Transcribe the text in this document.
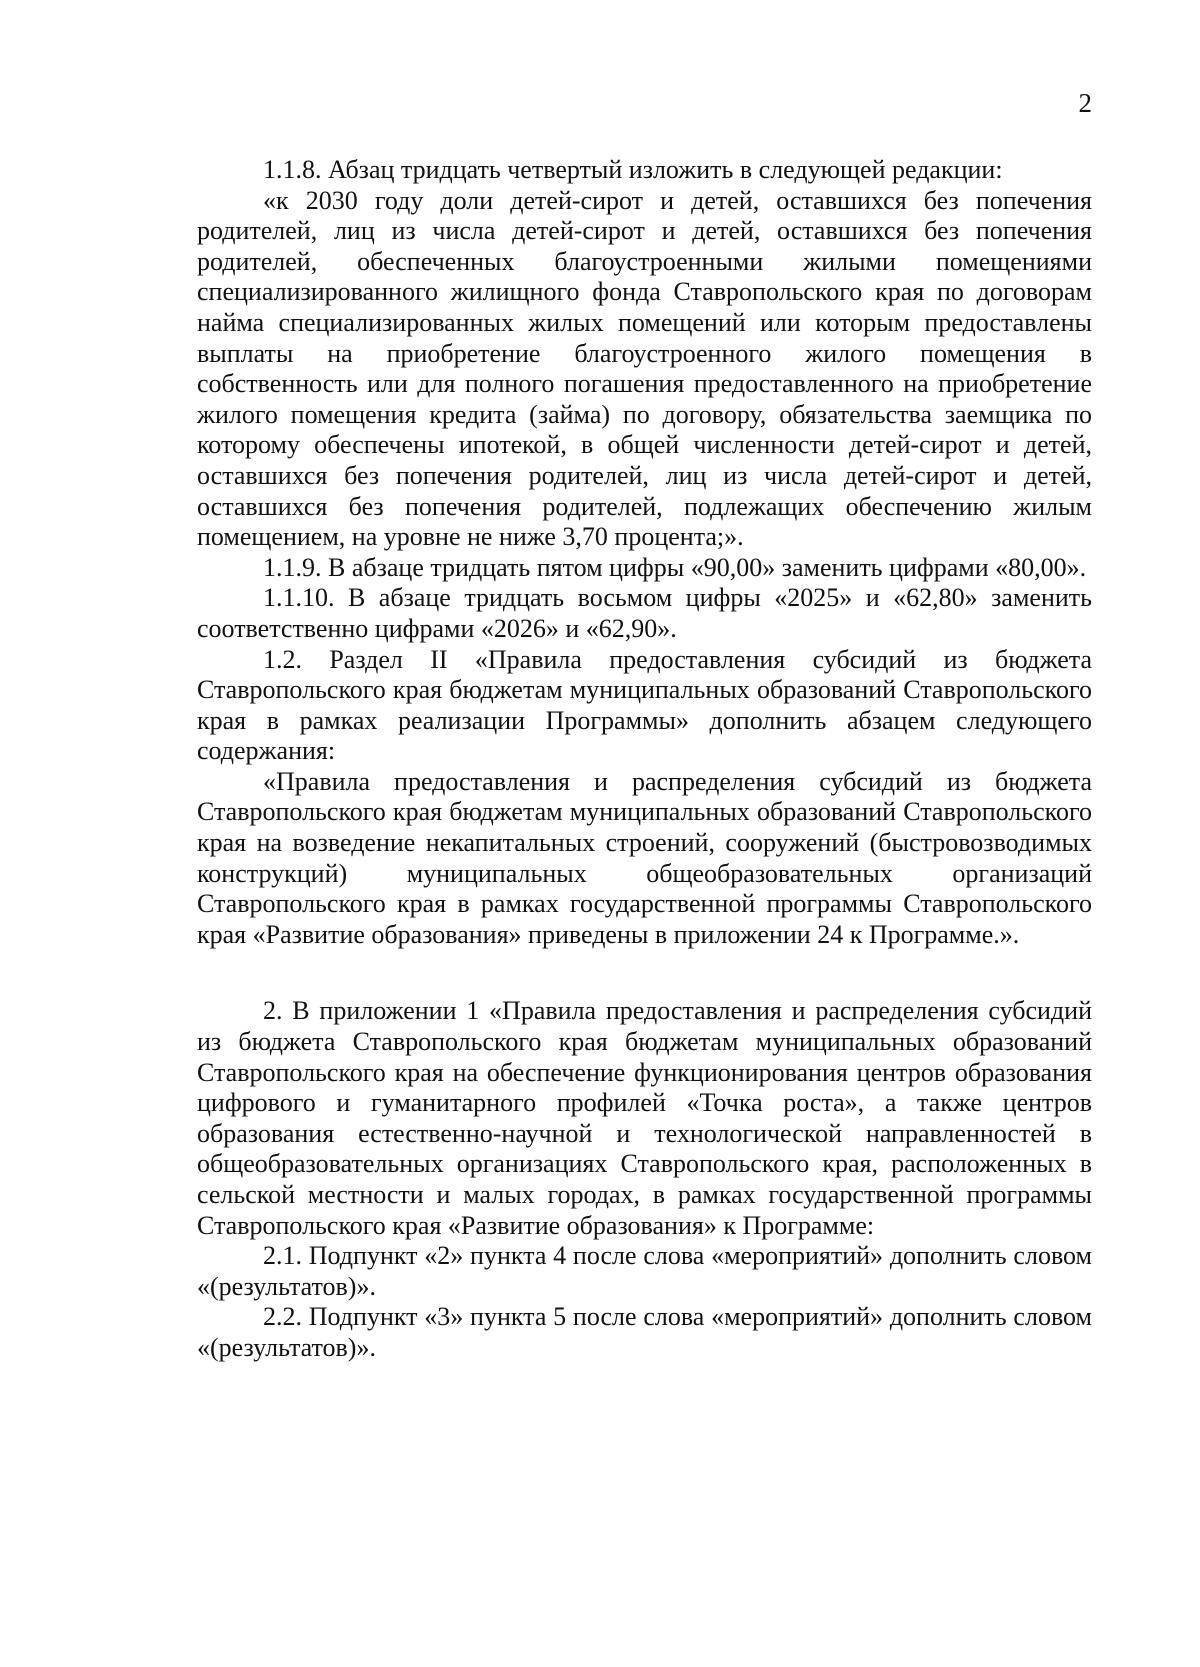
2

1.1.8. Абзац тридцать четвертый изложить в следующей редакции:

«к 2030 году доли детей-сирот и детей, оставшихся без попечения родителей, лиц из числа детей-сирот и детей, оставшихся без попечения родителей, обеспеченных благоустроенными жилыми помещениями специализированного жилищного фонда Ставропольского края по договорам найма специализированных жилых помещений или которым предоставлены выплаты на приобретение благоустроенного жилого помещения в собственность или для полного погашения предоставленного на приобретение жилого помещения кредита (займа) по договору, обязательства заемщика по которому обеспечены ипотекой, в общей численности детей-сирот и детей, оставшихся без попечения родителей, лиц из числа детей-сирот и детей, оставшихся без попечения родителей, подлежащих обеспечению жилым помещением, на уровне не ниже 3,70 процента;».

1.1.9. В абзаце тридцать пятом цифры «90,00» заменить цифрами «80,00».

1.1.10. В абзаце тридцать восьмом цифры «2025» и «62,80» заменить соответственно цифрами «2026» и «62,90».

1.2. Раздел II «Правила предоставления субсидий из бюджета Ставропольского края бюджетам муниципальных образований Ставропольского края в рамках реализации Программы» дополнить абзацем следующего содержания:

«Правила предоставления и распределения субсидий из бюджета Ставропольского края бюджетам муниципальных образований Ставропольского края на возведение некапитальных строений, сооружений (быстровозводимых конструкций) муниципальных общеобразовательных организаций Ставропольского края в рамках государственной программы Ставропольского края «Развитие образования» приведены в приложении 24 к Программе.».

2. В приложении 1 «Правила предоставления и распределения субсидий из бюджета Ставропольского края бюджетам муниципальных образований Ставропольского края на обеспечение функционирования центров образования цифрового и гуманитарного профилей «Точка роста», а также центров образования естественно-научной и технологической направленностей в общеобразовательных организациях Ставропольского края, расположенных в сельской местности и малых городах, в рамках государственной программы Ставропольского края «Развитие образования» к Программе:

2.1. Подпункт «2» пункта 4 после слова «мероприятий» дополнить словом «(результатов)».

2.2. Подпункт «3» пункта 5 после слова «мероприятий» дополнить словом «(результатов)».
